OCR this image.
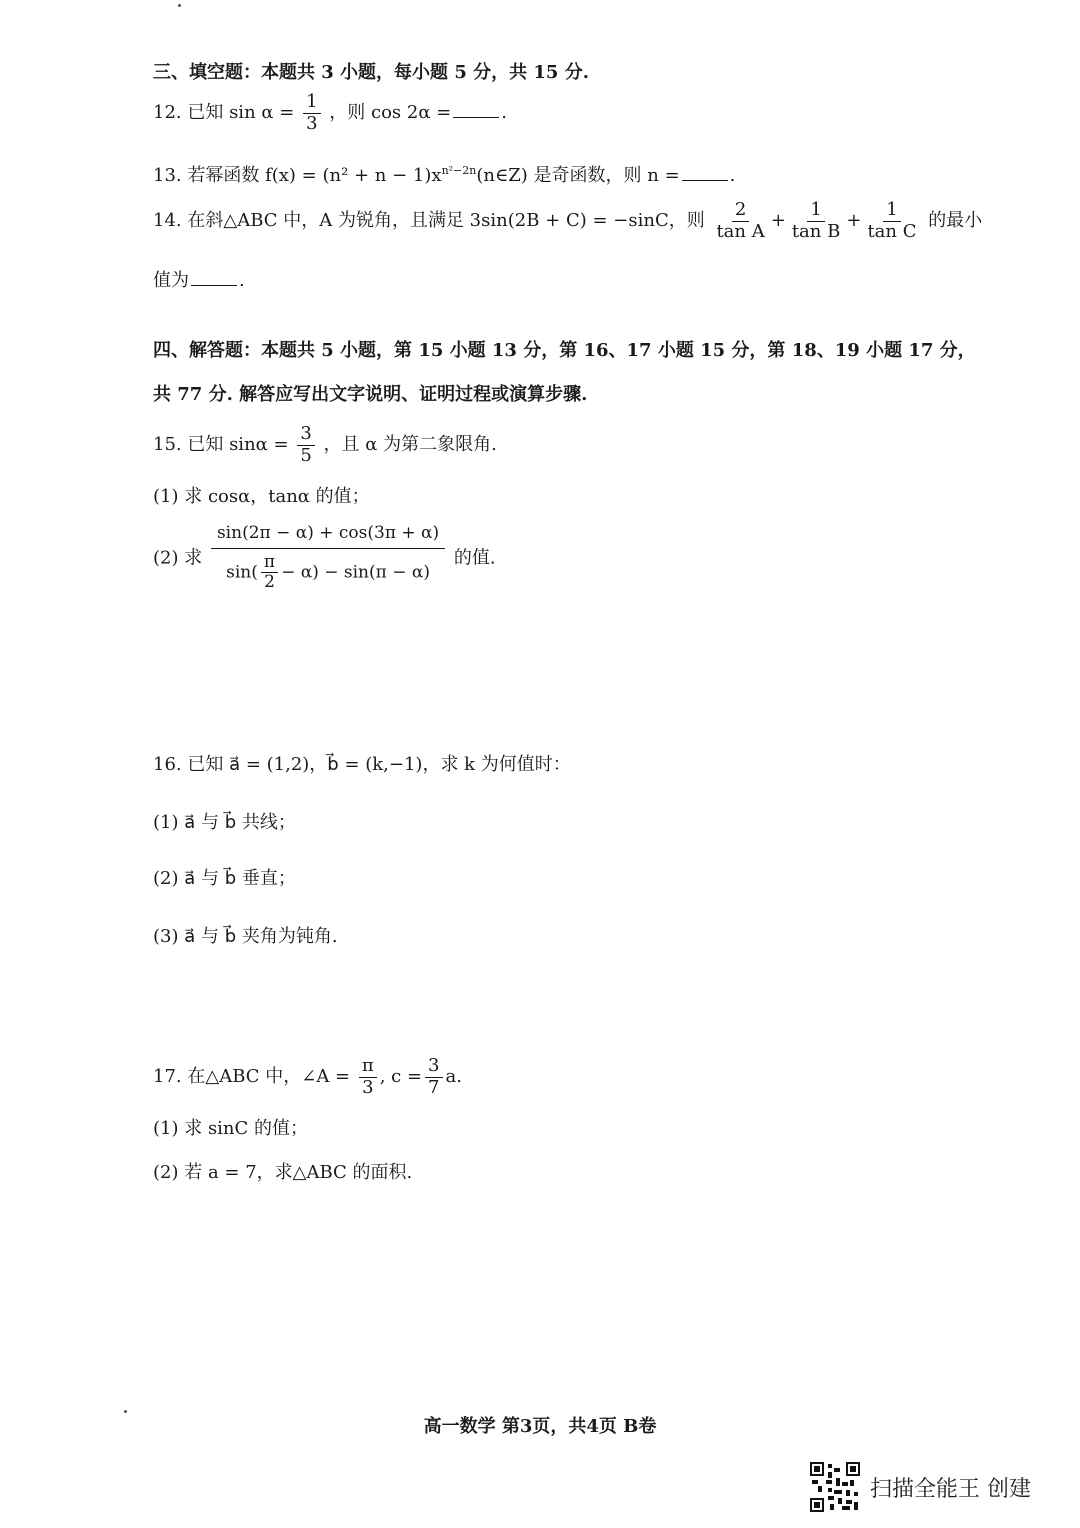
三、填空题：本题共 3 小题，每小题 5 分，共 15 分.
12. 已知 $\sin \alpha = \frac{1}{3}$ ，则 cos 2α =	.
13. 若幂函数 $f(x) = (n^2 + n - 1)x^{n^2-2n}(n\in Z)$ 是奇函数，则 n =	.
14. 在斜△ABC 中，A 为锐角，且满足 3sin(2B + C) = −sinC，则 $\frac{2}{\text{tan A}} + \frac{1}{\text{tan B}} + \frac{1}{\text{tan C}}$ 的最小
值为	.
四、解答题：本题共 5 小题，第 15 小题 13 分，第 16、17 小题 15 分，第 18、19 小题 17 分，
共 77 分. 解答应写出文字说明、证明过程或演算步骤.
15. 已知 $\sin\alpha = \frac{3}{5}$ ，且 α 为第二象限角.
(1) 求 cosα，tanα 的值；
(2) 求 $\frac{\sin(2\pi - \alpha) + \cos(3\pi + \alpha)}{\sin( \frac{\pi}{2} - \alpha) - \sin(\pi - \alpha)}$ 的值.
16. 已知 a⃗ = (1,2)，b⃗ = (k,−1)，求 k 为何值时：
(1) a⃗ 与 b⃗ 共线；
(2) a⃗ 与 b⃗ 垂直；
(3) a⃗ 与 b⃗ 夹角为钝角.
17. 在△ABC 中，∠A = $\frac{\pi}{3}$ , $c = \frac{3}{7} a$.
(1) 求 sinC 的值；
(2) 若 a = 7，求△ABC 的面积.
高一数学 第3页，共4页 B卷
扫描全能王 创建
